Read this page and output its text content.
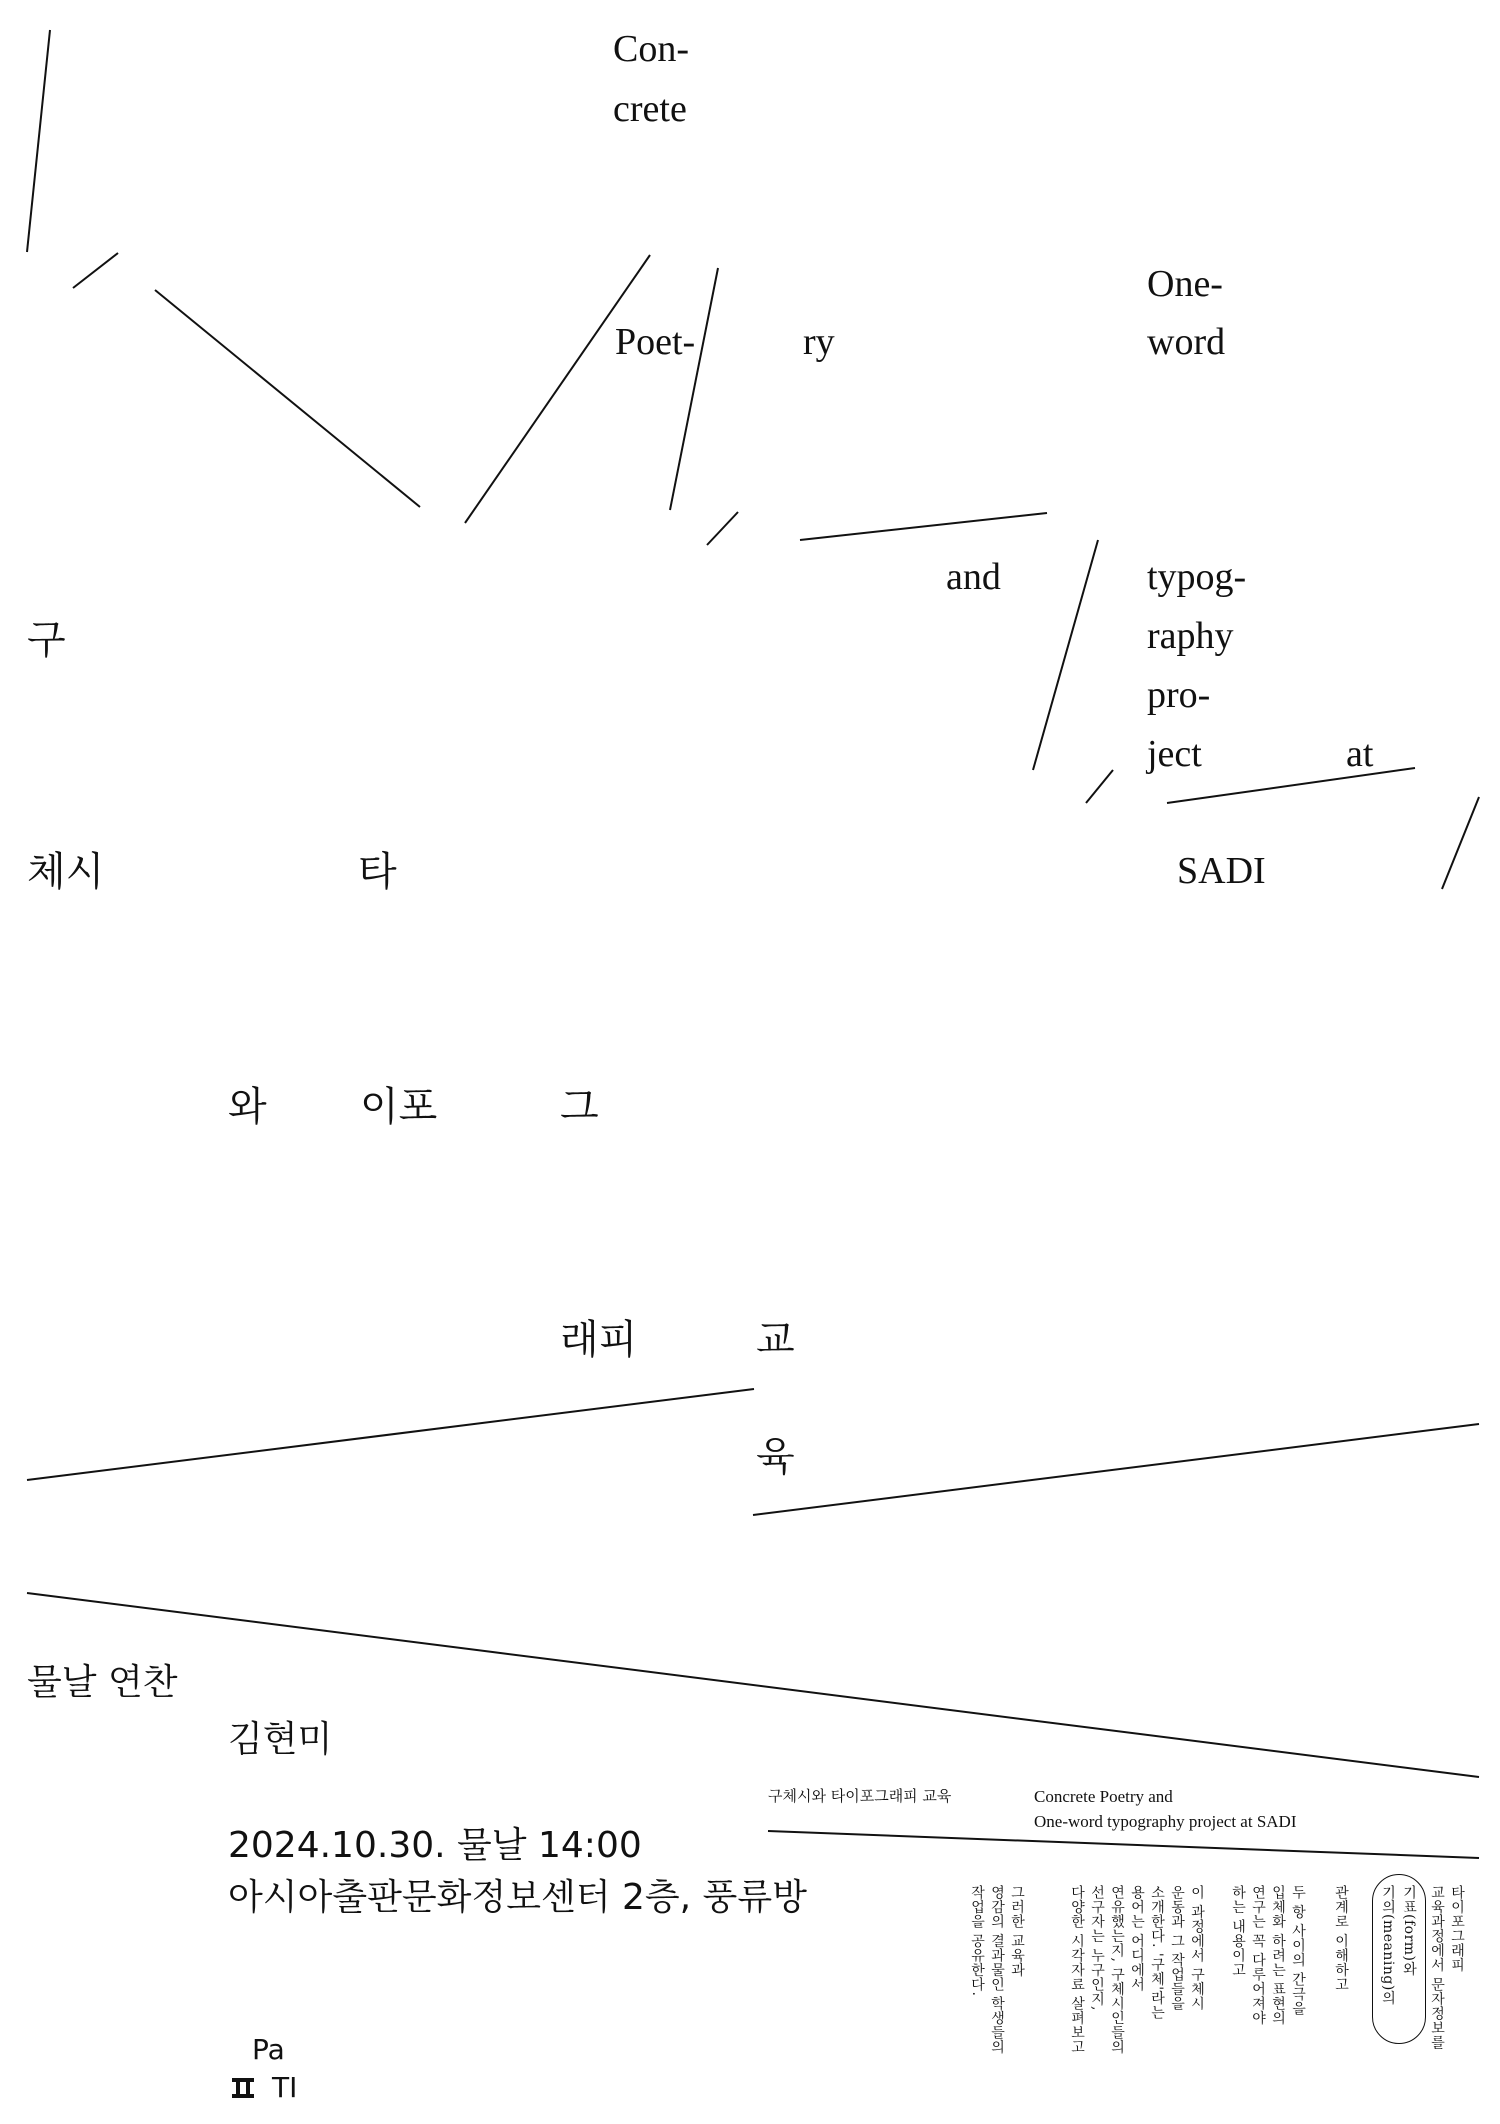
Con-
crete
Poet-	ry
One-
word
and	typog-
raphy
pro-
ject	at
SADI
구
체시	타
와 이포	그
래피	교
육
물날 연찬
김현미
2024.10.30. 물날 14:00
아시아출판문화정보센터 2층, 풍류방
구체시와 타이포그래피 교육	Concrete Poetry and
One-word typography project at SADI
타이포그래피
교육과정에서 문자정보를
기표(form)와
기의(meaning)의
관계로 이해하고
두 항 사이의 간극을
입체화 하려는 표현의
연구는 꼭 다루어져야
하는 내용이고
이 과정에서 구체시
운동과 그 작업들을
소개한다. '구체'라는
용어는 어디에서
연유했는지, 구체시인들의
선구자는 누구인지,
다양한 시각자료 살펴보고
그러한 교육과
영감의 결과물인 학생들의
작업을 공유한다.
Pa
TI
